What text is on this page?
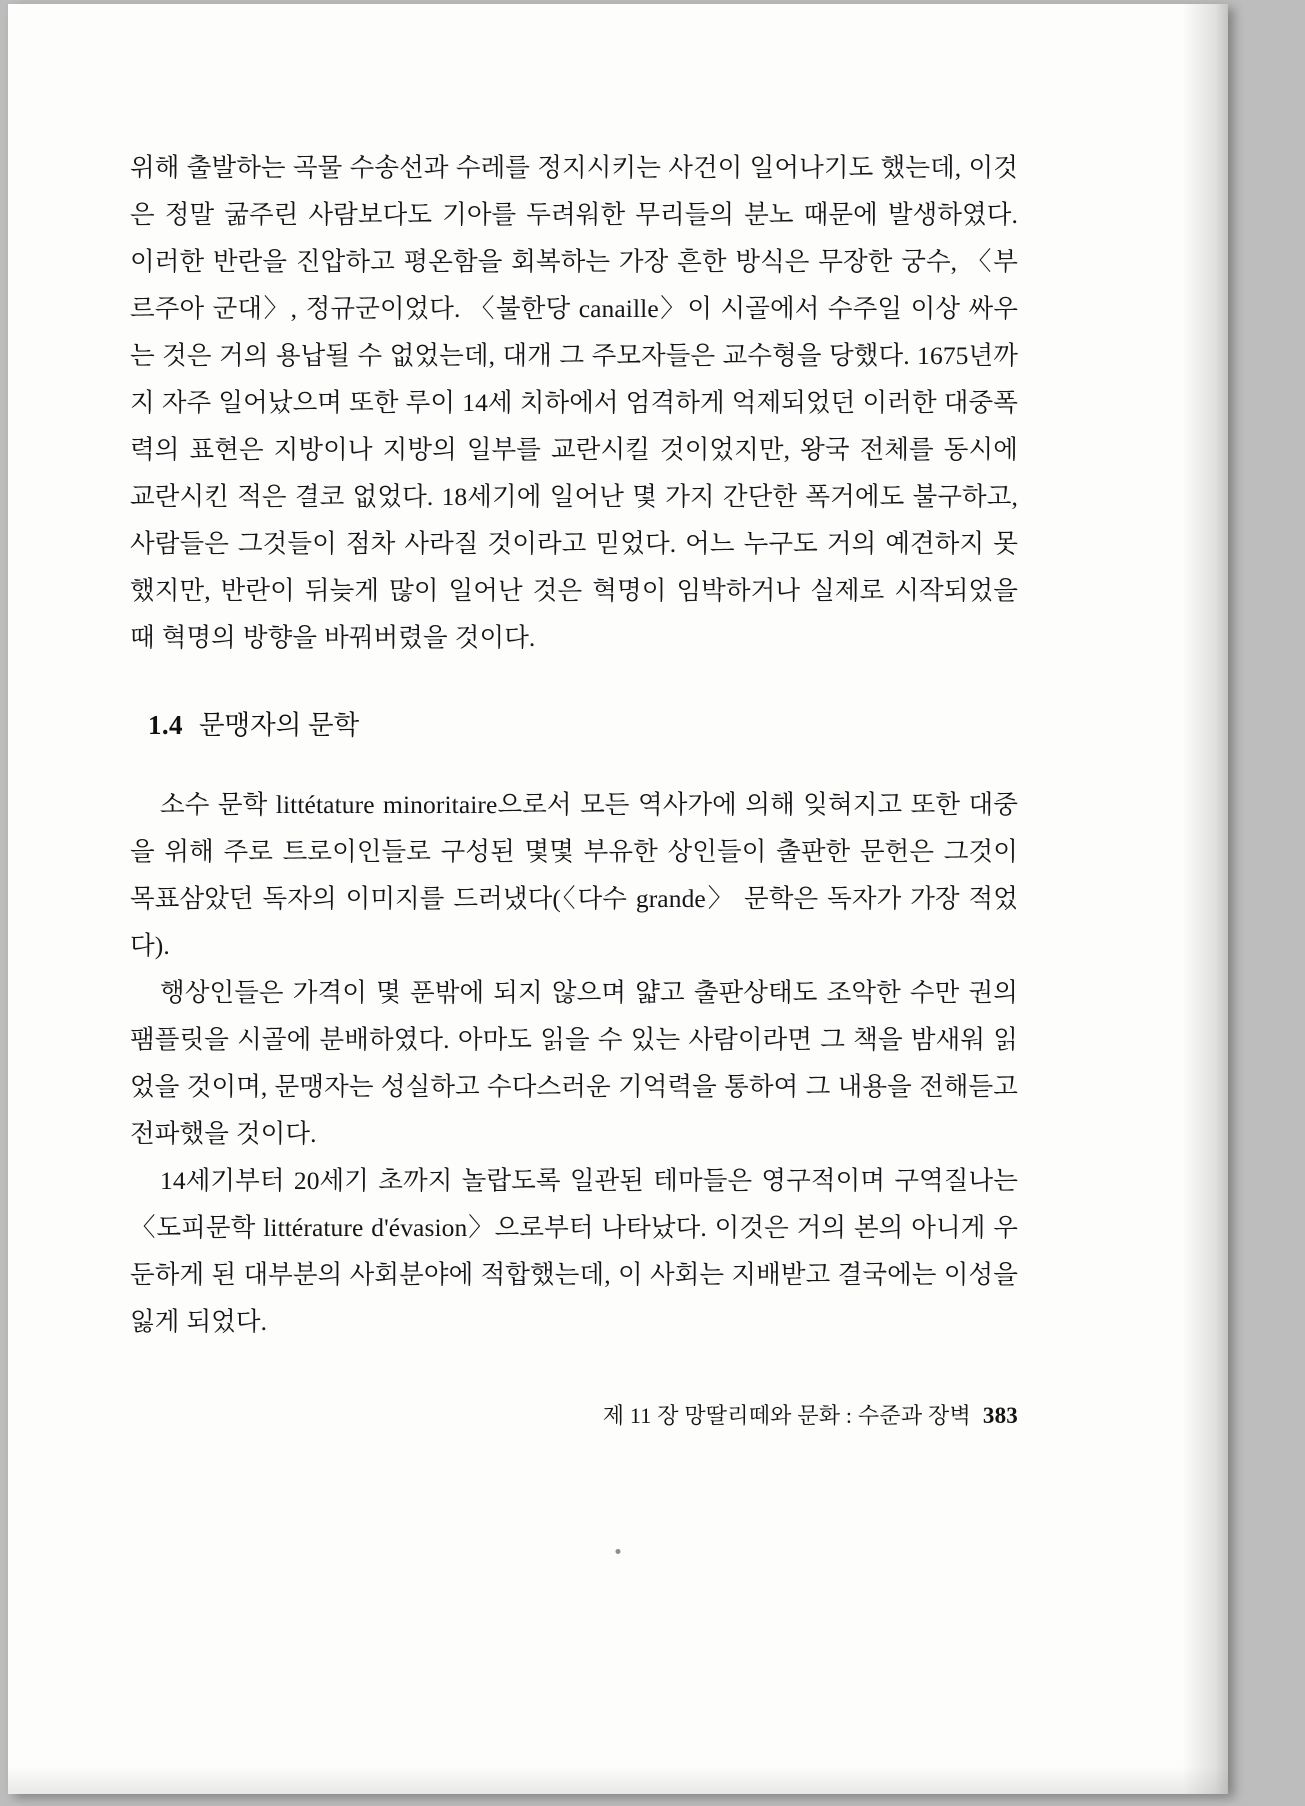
위해 출발하는 곡물 수송선과 수레를 정지시키는 사건이 일어나기도 했는데, 이것은 정말 굶주린 사람보다도 기아를 두려워한 무리들의 분노 때문에 발생하였다. 이러한 반란을 진압하고 평온함을 회복하는 가장 흔한 방식은 무장한 궁수, 〈부르주아 군대〉, 정규군이었다. 〈불한당 canaille〉이 시골에서 수주일 이상 싸우는 것은 거의 용납될 수 없었는데, 대개 그 주모자들은 교수형을 당했다. 1675년까지 자주 일어났으며 또한 루이 14세 치하에서 엄격하게 억제되었던 이러한 대중폭력의 표현은 지방이나 지방의 일부를 교란시킬 것이었지만, 왕국 전체를 동시에 교란시킨 적은 결코 없었다. 18세기에 일어난 몇 가지 간단한 폭거에도 불구하고, 사람들은 그것들이 점차 사라질 것이라고 믿었다. 어느 누구도 거의 예견하지 못했지만, 반란이 뒤늦게 많이 일어난 것은 혁명이 임박하거나 실제로 시작되었을 때 혁명의 방향을 바꿔버렸을 것이다.

1.4 문맹자의 문학

소수 문학 littétature minoritaire으로서 모든 역사가에 의해 잊혀지고 또한 대중을 위해 주로 트로이인들로 구성된 몇몇 부유한 상인들이 출판한 문헌은 그것이 목표삼았던 독자의 이미지를 드러냈다(〈다수 grande〉 문학은 독자가 가장 적었다).

행상인들은 가격이 몇 푼밖에 되지 않으며 얇고 출판상태도 조악한 수만 권의 팸플릿을 시골에 분배하였다. 아마도 읽을 수 있는 사람이라면 그 책을 밤새워 읽었을 것이며, 문맹자는 성실하고 수다스러운 기억력을 통하여 그 내용을 전해듣고 전파했을 것이다.

14세기부터 20세기 초까지 놀랍도록 일관된 테마들은 영구적이며 구역질나는 〈도피문학 littérature d'évasion〉으로부터 나타났다. 이것은 거의 본의 아니게 우둔하게 된 대부분의 사회분야에 적합했는데, 이 사회는 지배받고 결국에는 이성을 잃게 되었다.

제 11 장 망딸리떼와 문화 : 수준과 장벽 383
